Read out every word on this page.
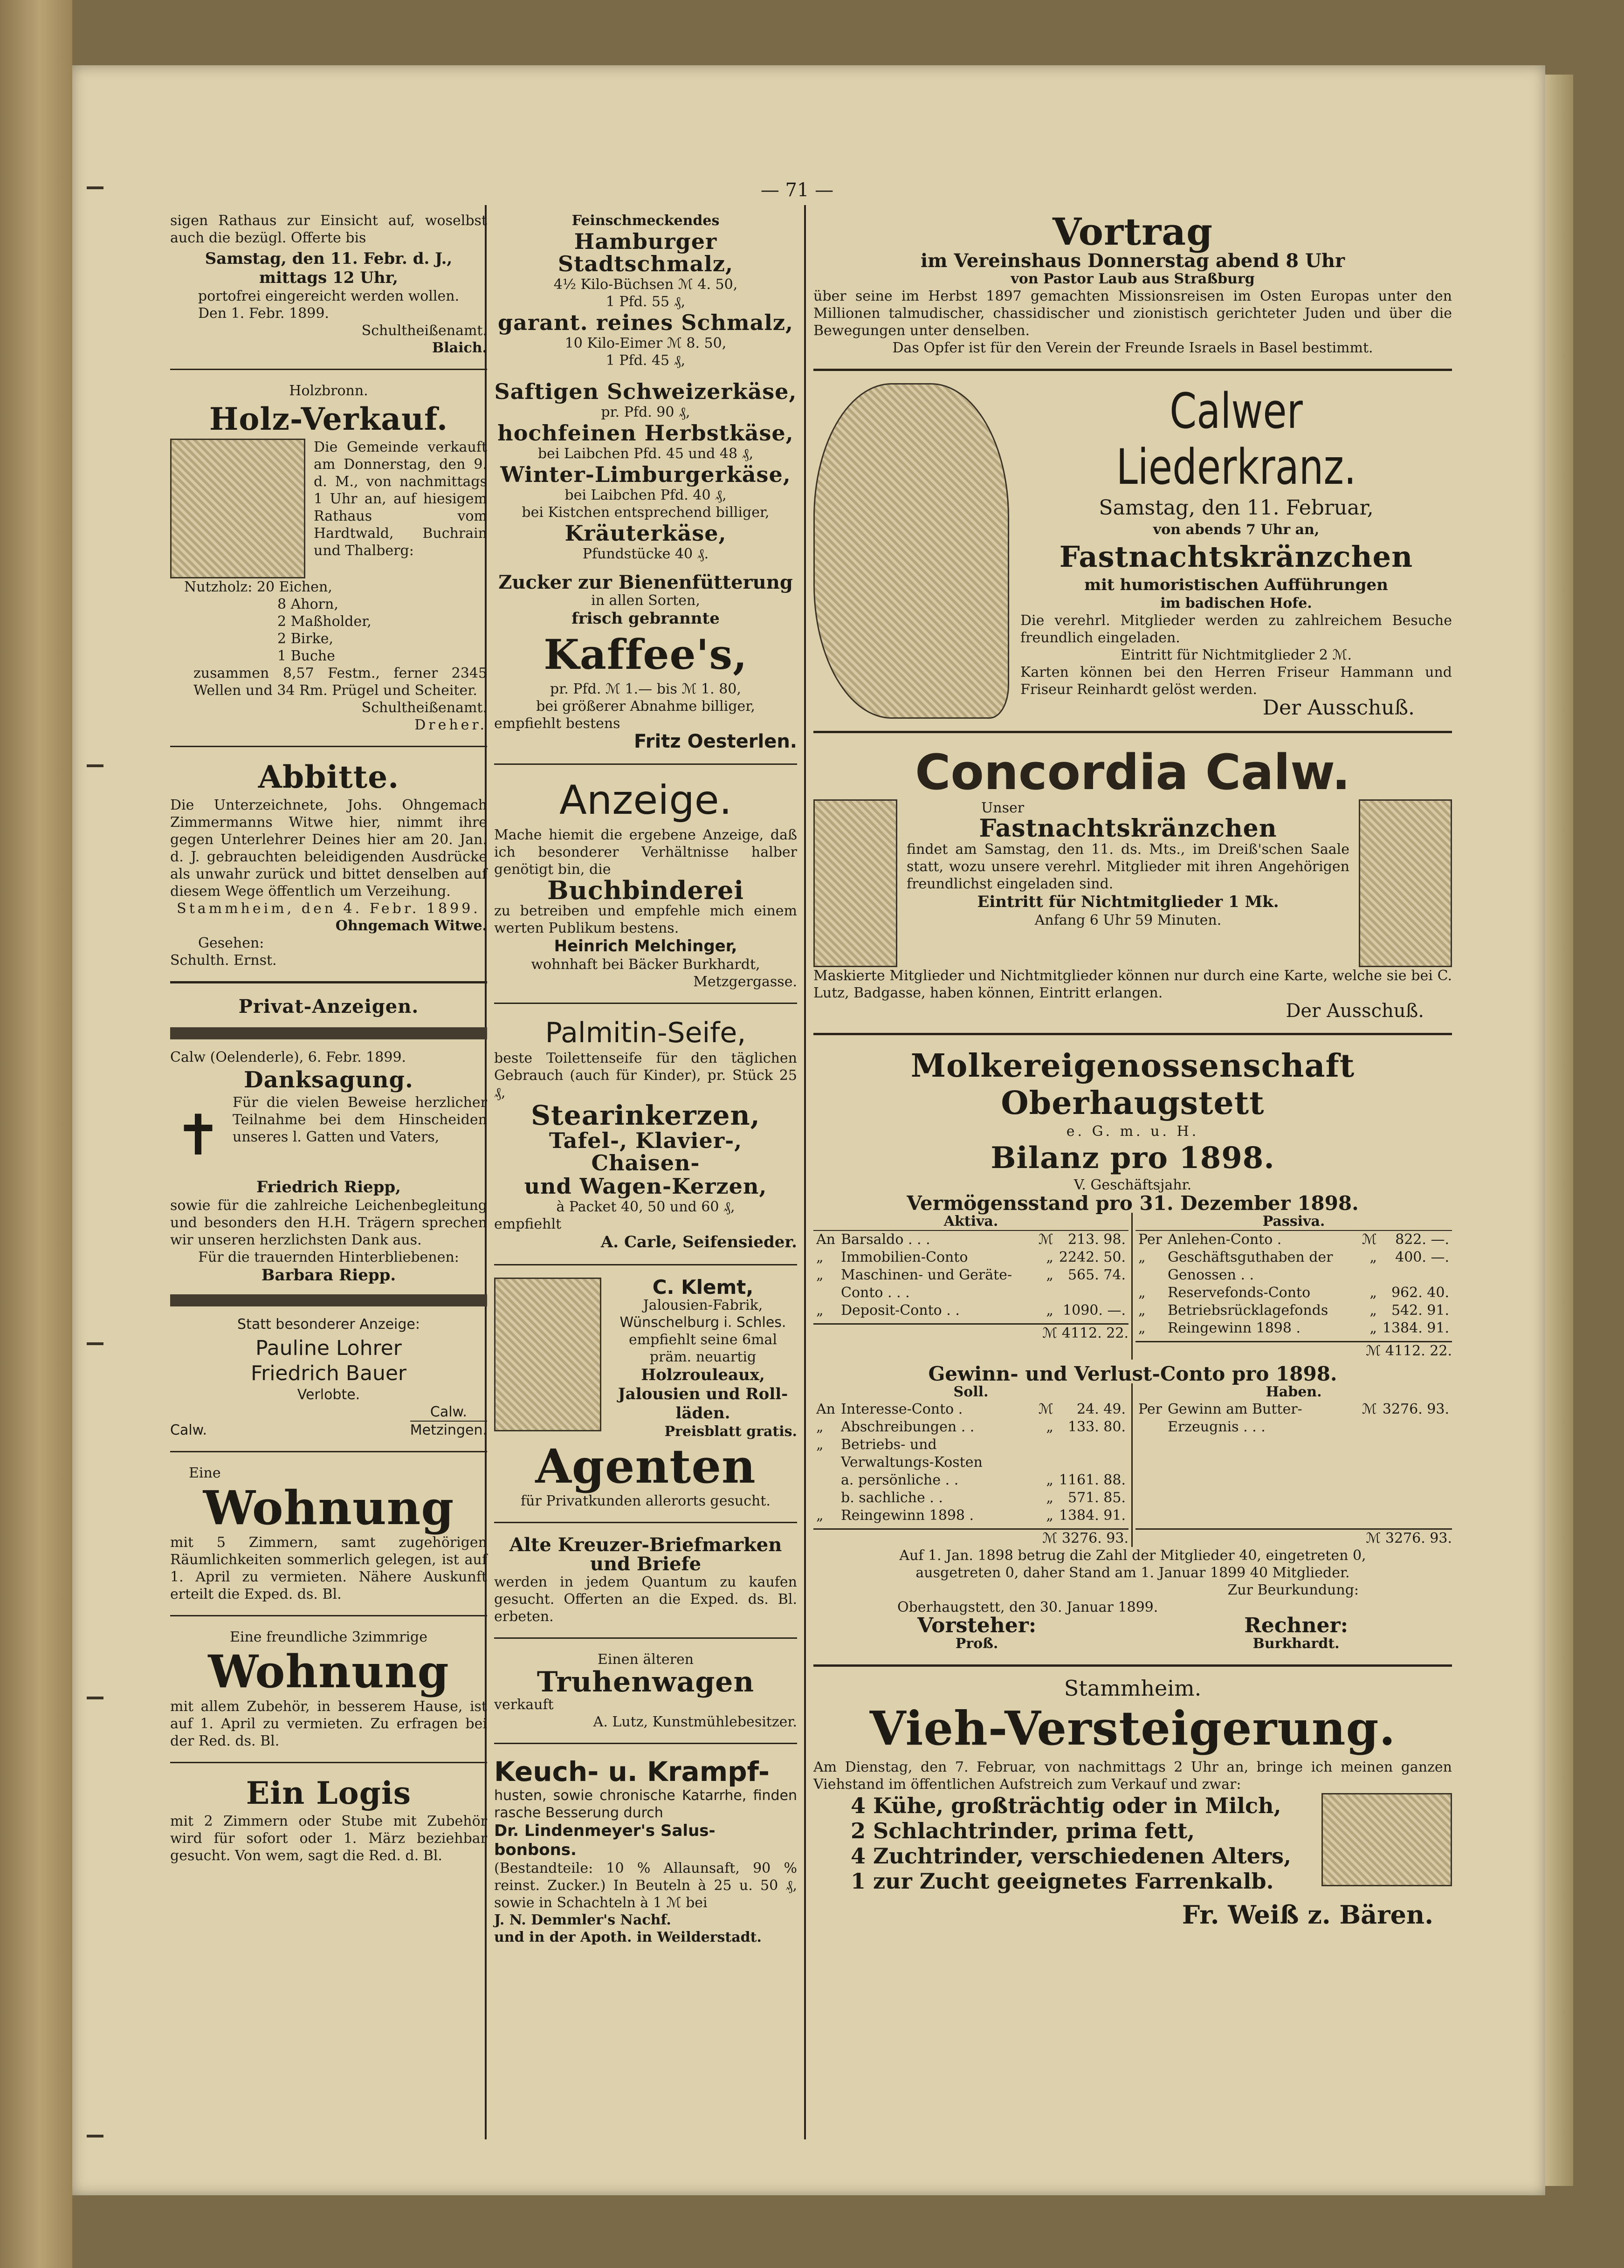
— 71 —

sigen Rathaus zur Einsicht auf, woselbst auch die bezügl. Offerte bis

Samstag, den 11. Febr. d. J., mittags 12 Uhr,

portofrei eingereicht werden wollen.

Den 1. Febr. 1899.

Schultheißenamt.

Blaich.

Holzbronn.

Holz-Verkauf.

Die Gemeinde verkauft am Donnerstag, den 9. d. M., von nachmittags 1 Uhr an, auf hiesigem Rathaus vom Hardtwald, Buchrain und Thalberg:

Nutzholz: 20 Eichen,

8 Ahorn,

2 Maßholder,

2 Birke,

1 Buche

zusammen 8,57 Festm., ferner 2345 Wellen und 34 Rm. Prügel und Scheiter.

Schultheißenamt.

Dreher.

Abbitte.

Die Unterzeichnete, Johs. Ohngemach Zimmermanns Witwe hier, nimmt ihre gegen Unterlehrer Deines hier am 20. Jan. d. J. gebrauchten beleidigenden Ausdrücke als unwahr zurück und bittet denselben auf diesem Wege öffentlich um Verzeihung.

Stammheim, den 4. Febr. 1899.

Ohngemach Witwe.

Gesehen:

Schulth. Ernst.

Privat-Anzeigen.

Calw (Oelenderle), 6. Febr. 1899.

Danksagung.

✝

Für die vielen Beweise herzlicher Teilnahme bei dem Hinscheiden unseres l. Gatten und Vaters,

Friedrich Riepp,

sowie für die zahlreiche Leichenbegleitung und besonders den H.H. Trägern sprechen wir unseren herzlichsten Dank aus.

Für die trauernden Hinterbliebenen:

Barbara Riepp.

Statt besonderer Anzeige:

Pauline Lohrer

Friedrich Bauer

Verlobte.

Calw.

Calw.

Metzingen.

Eine

Wohnung

mit 5 Zimmern, samt zugehörigen Räumlichkeiten sommerlich gelegen, ist auf 1. April zu vermieten. Nähere Auskunft erteilt die Exped. ds. Bl.

Eine freundliche 3zimmrige

Wohnung

mit allem Zubehör, in besserem Hause, ist auf 1. April zu vermieten. Zu erfragen bei der Red. ds. Bl.

Ein Logis

mit 2 Zimmern oder Stube mit Zubehör wird für sofort oder 1. März beziehbar gesucht. Von wem, sagt die Red. d. Bl.

Feinschmeckendes

Hamburger Stadtschmalz,

4½ Kilo-Büchsen ℳ 4. 50,

1 Pfd. 55 ₰,

garant. reines Schmalz,

10 Kilo-Eimer ℳ 8. 50,

1 Pfd. 45 ₰,

Saftigen Schweizerkäse,

pr. Pfd. 90 ₰,

hochfeinen Herbstkäse,

bei Laibchen Pfd. 45 und 48 ₰,

Winter-Limburgerkäse,

bei Laibchen Pfd. 40 ₰,

bei Kistchen entsprechend billiger,

Kräuterkäse,

Pfundstücke 40 ₰.

Zucker zur Bienenfütterung

in allen Sorten,

frisch gebrannte

Kaffee's,

pr. Pfd. ℳ 1.— bis ℳ 1. 80,

bei größerer Abnahme billiger,

empfiehlt bestens

Fritz Oesterlen.

Anzeige.

Mache hiemit die ergebene Anzeige, daß ich besonderer Verhältnisse halber genötigt bin, die

Buchbinderei

zu betreiben und empfehle mich einem werten Publikum bestens.

Heinrich Melchinger,

wohnhaft bei Bäcker Burkhardt,

Metzgergasse.

Palmitin-Seife,

beste Toilettenseife für den täglichen Gebrauch (auch für Kinder), pr. Stück 25 ₰,

Stearinkerzen,

Tafel-, Klavier-, Chaisen-

und Wagen-Kerzen,

à Packet 40, 50 und 60 ₰,

empfiehlt

A. Carle, Seifensieder.

C. Klemt,

Jalousien-Fabrik,

Wünschelburg i. Schles.

empfiehlt seine 6mal präm. neuartig

Holzrouleaux,

Jalousien und Roll-läden.

Preisblatt gratis.

Agenten

für Privatkunden allerorts gesucht.

Alte Kreuzer-Briefmarken

und Briefe

werden in jedem Quantum zu kaufen gesucht. Offerten an die Exped. ds. Bl. erbeten.

Einen älteren

Truhenwagen

verkauft

A. Lutz, Kunstmühlebesitzer.

Keuch- u. Krampf-

husten, sowie chronische Katarrhe, finden rasche Besserung durch

Dr. Lindenmeyer's Salus-bonbons.

(Bestandteile: 10 % Allaunsaft, 90 % reinst. Zucker.) In Beuteln à 25 u. 50 ₰, sowie in Schachteln à 1 ℳ bei

J. N. Demmler's Nachf.

und in der Apoth. in Weilderstadt.

Vortrag

im Vereinshaus Donnerstag abend 8 Uhr

von Pastor Laub aus Straßburg

über seine im Herbst 1897 gemachten Missionsreisen im Osten Europas unter den Millionen talmudischer, chassidischer und zionistisch gerichteter Juden und über die Bewegungen unter denselben.

Das Opfer ist für den Verein der Freunde Israels in Basel bestimmt.

Calwer Liederkranz.

Samstag, den 11. Februar,

von abends 7 Uhr an,

Fastnachtskränzchen

mit humoristischen Aufführungen

im badischen Hofe.

Die verehrl. Mitglieder werden zu zahlreichem Besuche freundlich eingeladen.

Eintritt für Nichtmitglieder 2 ℳ.

Karten können bei den Herren Friseur Hammann und Friseur Reinhardt gelöst werden.

Der Ausschuß.

Concordia Calw.

Unser

Fastnachtskränzchen

findet am Samstag, den 11. ds. Mts., im Dreiß'schen Saale statt, wozu unsere verehrl. Mitglieder mit ihren Angehörigen freundlichst eingeladen sind.

Eintritt für Nichtmitglieder 1 Mk.

Anfang 6 Uhr 59 Minuten.

Maskierte Mitglieder und Nichtmitglieder können nur durch eine Karte, welche sie bei C. Lutz, Badgasse, haben können, Eintritt erlangen.

Der Ausschuß.

Molkereigenossenschaft Oberhaugstett

e. G. m. u. H.

Bilanz pro 1898.

V. Geschäftsjahr.

Vermögensstand pro 31. Dezember 1898.

Aktiva.

An	Barsaldo . . .	ℳ	213. 98.
„	Immobilien-Conto	„	2242. 50.
„	Maschinen- und Geräte-Conto . . .	„	565. 74.
„	Deposit-Conto . .	„	1090. —.

ℳ 4112. 22.

Passiva.

Per	Anlehen-Conto .	ℳ	822. —.
„	Geschäftsguthaben der Genossen . .	„	400. —.
„	Reservefonds-Conto	„	962. 40.
„	Betriebsrücklagefonds	„	542. 91.
„	Reingewinn 1898 .	„	1384. 91.

ℳ 4112. 22.

Gewinn- und Verlust-Conto pro 1898.

Soll.

An	Interesse-Conto .	ℳ	24. 49.
„	Abschreibungen . .	„	133. 80.
„	Betriebs- und Verwaltungs-Kosten		
	a. persönliche . .	„	1161. 88.
	b. sachliche . .	„	571. 85.
„	Reingewinn 1898 .	„	1384. 91.

ℳ 3276. 93.

Haben.

Per	Gewinn am Butter-Erzeugnis . . .	ℳ	3276. 93.

ℳ 3276. 93.

Auf 1. Jan. 1898 betrug die Zahl der Mitglieder 40, eingetreten 0, ausgetreten 0, daher Stand am 1. Januar 1899 40 Mitglieder.

Zur Beurkundung:

Oberhaugstett, den 30. Januar 1899.

Vorsteher:

Proß.

Rechner:

Burkhardt.

Stammheim.

Vieh-Versteigerung.

Am Dienstag, den 7. Februar, von nachmittags 2 Uhr an, bringe ich meinen ganzen Viehstand im öffentlichen Aufstreich zum Verkauf und zwar:

4 Kühe, großträchtig oder in Milch,

2 Schlachtrinder, prima fett,

4 Zuchtrinder, verschiedenen Alters,

1 zur Zucht geeignetes Farrenkalb.

Fr. Weiß z. Bären.
